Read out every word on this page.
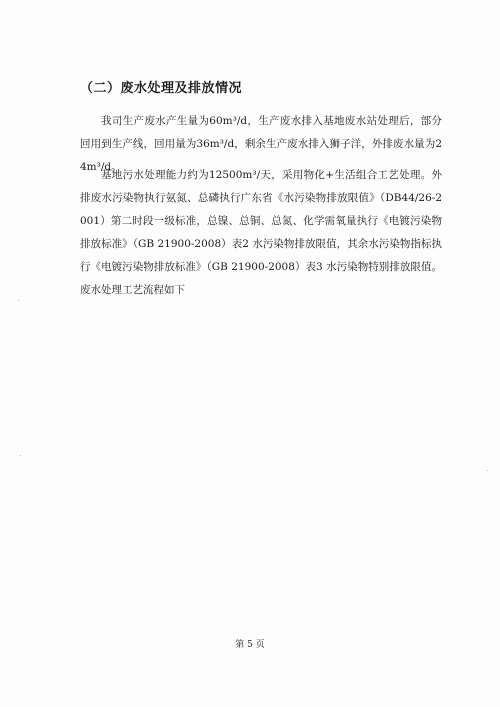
（二）废水处理及排放情况

我司生产废水产生量为60m³/d，生产废水排入基地废水站处理后，部分回用到生产线，回用量为36m³/d，剩余生产废水排入狮子洋，外排废水量为24m³/d。

基地污水处理能力约为12500m³/天，采用物化+生活组合工艺处理。外排废水污染物执行氨氮、总磷执行广东省《水污染物排放限值》（DB44/26-2001）第二时段一级标准，总镍、总铜、总氮、化学需氧量执行《电镀污染物排放标准》（GB 21900-2008）表2 水污染物排放限值，其余水污染物指标执行《电镀污染物排放标准》（GB 21900-2008）表3 水污染物特别排放限值。废水处理工艺流程如下

第 5 页
